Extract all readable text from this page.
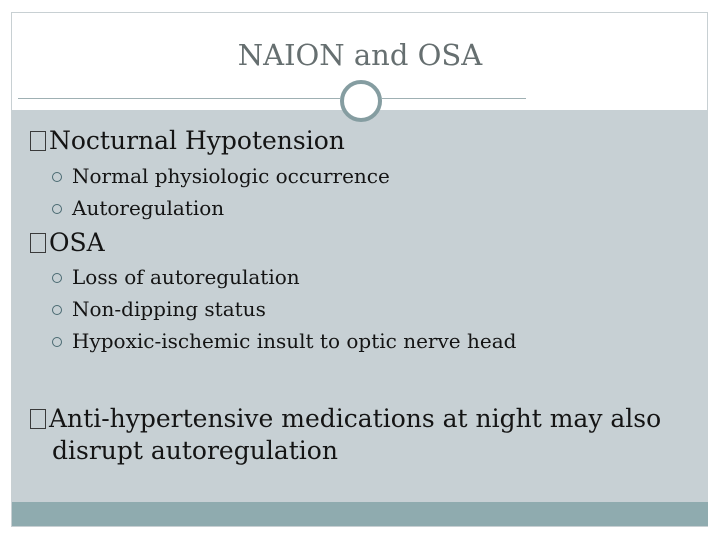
NAION and OSA
Nocturnal Hypotension
Normal physiologic occurrence
Autoregulation
OSA
Loss of autoregulation
Non-dipping status
Hypoxic-ischemic insult to optic nerve head
Anti-hypertensive medications at night may also
disrupt autoregulation
